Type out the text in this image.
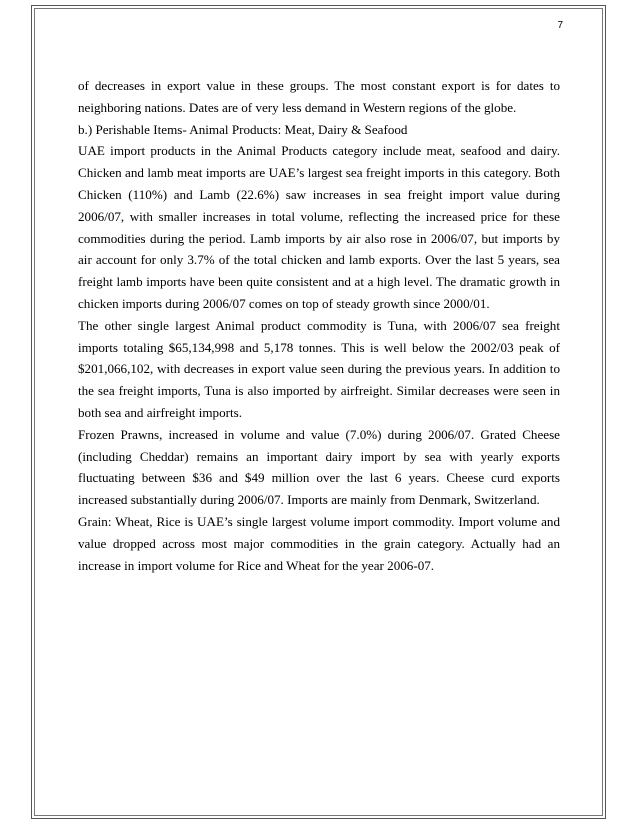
7

of decreases in export value in these groups. The most constant export is for dates to neighboring nations. Dates are of very less demand in Western regions of the globe.

b.) Perishable Items- Animal Products: Meat, Dairy & Seafood

UAE import products in the Animal Products category include meat, seafood and dairy. Chicken and lamb meat imports are UAE’s largest sea freight imports in this category. Both Chicken (110%) and Lamb (22.6%) saw increases in sea freight import value during 2006/07, with smaller increases in total volume, reflecting the increased price for these commodities during the period. Lamb imports by air also rose in 2006/07, but imports by air account for only 3.7% of the total chicken and lamb exports. Over the last 5 years, sea freight lamb imports have been quite consistent and at a high level. The dramatic growth in chicken imports during 2006/07 comes on top of steady growth since 2000/01.

The other single largest Animal product commodity is Tuna, with 2006/07 sea freight imports totaling $65,134,998 and 5,178 tonnes. This is well below the 2002/03 peak of $201,066,102, with decreases in export value seen during the previous years. In addition to the sea freight imports, Tuna is also imported by airfreight. Similar decreases were seen in both sea and airfreight imports.

Frozen Prawns, increased in volume and value (7.0%) during 2006/07. Grated Cheese (including Cheddar) remains an important dairy import by sea with yearly exports fluctuating between $36 and $49 million over the last 6 years. Cheese curd exports increased substantially during 2006/07. Imports are mainly from Denmark, Switzerland.

Grain: Wheat, Rice is UAE’s single largest volume import commodity. Import volume and value dropped across most major commodities in the grain category. Actually had an increase in import volume for Rice and Wheat for the year 2006-07.
